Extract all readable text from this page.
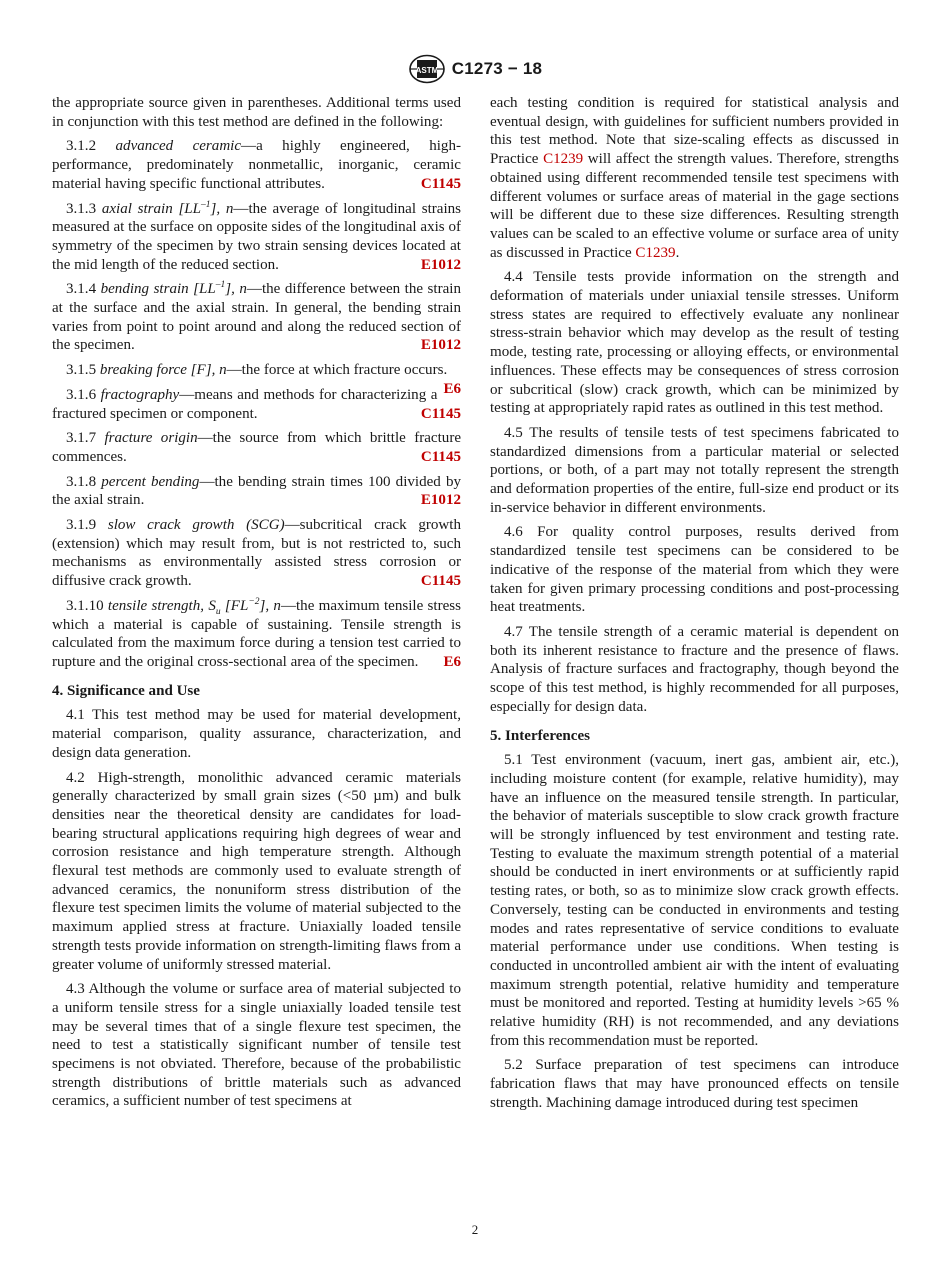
ASTM C1273 − 18

the appropriate source given in parentheses. Additional terms used in conjunction with this test method are defined in the following:

3.1.2 advanced ceramic—a highly engineered, high-performance, predominately nonmetallic, inorganic, ceramic material having specific functional attributes.	C1145

3.1.3 axial strain $[LL^{-1}]$, n—the average of longitudinal strains measured at the surface on opposite sides of the longitudinal axis of symmetry of the specimen by two strain sensing devices located at the mid length of the reduced section.	E1012

3.1.4 bending strain $[LL^{-1}]$, n—the difference between the strain at the surface and the axial strain. In general, the bending strain varies from point to point around and along the reduced section of the specimen.	E1012

3.1.5 breaking force [F], n—the force at which fracture occurs.
E6

3.1.6 fractography—means and methods for characterizing a fractured specimen or component.	C1145

3.1.7 fracture origin—the source from which brittle fracture commences.	C1145

3.1.8 percent bending—the bending strain times 100 divided by the axial strain.	E1012

3.1.9 slow crack growth (SCG)—subcritical crack growth (extension) which may result from, but is not restricted to, such mechanisms as environmentally assisted stress corrosion or diffusive crack growth.	C1145

3.1.10 tensile strength, $S_u$ $[FL^{-2}]$, n—the maximum tensile stress which a material is capable of sustaining. Tensile strength is calculated from the maximum force during a tension test carried to rupture and the original cross-sectional area of the specimen. E6

4. Significance and Use

4.1 This test method may be used for material development, material comparison, quality assurance, characterization, and design data generation.

4.2 High-strength, monolithic advanced ceramic materials generally characterized by small grain sizes (<50 µm) and bulk densities near the theoretical density are candidates for load-bearing structural applications requiring high degrees of wear and corrosion resistance and high temperature strength. Although flexural test methods are commonly used to evaluate strength of advanced ceramics, the nonuniform stress distribution of the flexure test specimen limits the volume of material subjected to the maximum applied stress at fracture. Uniaxially loaded tensile strength tests provide information on strength-limiting flaws from a greater volume of uniformly stressed material.

4.3 Although the volume or surface area of material subjected to a uniform tensile stress for a single uniaxially loaded tensile test may be several times that of a single flexure test specimen, the need to test a statistically significant number of tensile test specimens is not obviated. Therefore, because of the probabilistic strength distributions of brittle materials such as advanced ceramics, a sufficient number of test specimens at

each testing condition is required for statistical analysis and eventual design, with guidelines for sufficient numbers provided in this test method. Note that size-scaling effects as discussed in Practice C1239 will affect the strength values. Therefore, strengths obtained using different recommended tensile test specimens with different volumes or surface areas of material in the gage sections will be different due to these size differences. Resulting strength values can be scaled to an effective volume or surface area of unity as discussed in Practice C1239.

4.4 Tensile tests provide information on the strength and deformation of materials under uniaxial tensile stresses. Uniform stress states are required to effectively evaluate any nonlinear stress-strain behavior which may develop as the result of testing mode, testing rate, processing or alloying effects, or environmental influences. These effects may be consequences of stress corrosion or subcritical (slow) crack growth, which can be minimized by testing at appropriately rapid rates as outlined in this test method.

4.5 The results of tensile tests of test specimens fabricated to standardized dimensions from a particular material or selected portions, or both, of a part may not totally represent the strength and deformation properties of the entire, full-size end product or its in-service behavior in different environments.

4.6 For quality control purposes, results derived from standardized tensile test specimens can be considered to be indicative of the response of the material from which they were taken for given primary processing conditions and post-processing heat treatments.

4.7 The tensile strength of a ceramic material is dependent on both its inherent resistance to fracture and the presence of flaws. Analysis of fracture surfaces and fractography, though beyond the scope of this test method, is highly recommended for all purposes, especially for design data.

5. Interferences

5.1 Test environment (vacuum, inert gas, ambient air, etc.), including moisture content (for example, relative humidity), may have an influence on the measured tensile strength. In particular, the behavior of materials susceptible to slow crack growth fracture will be strongly influenced by test environment and testing rate. Testing to evaluate the maximum strength potential of a material should be conducted in inert environments or at sufficiently rapid testing rates, or both, so as to minimize slow crack growth effects. Conversely, testing can be conducted in environments and testing modes and rates representative of service conditions to evaluate material performance under use conditions. When testing is conducted in uncontrolled ambient air with the intent of evaluating maximum strength potential, relative humidity and temperature must be monitored and reported. Testing at humidity levels >65 % relative humidity (RH) is not recommended, and any deviations from this recommendation must be reported.

5.2 Surface preparation of test specimens can introduce fabrication flaws that may have pronounced effects on tensile strength. Machining damage introduced during test specimen

2
